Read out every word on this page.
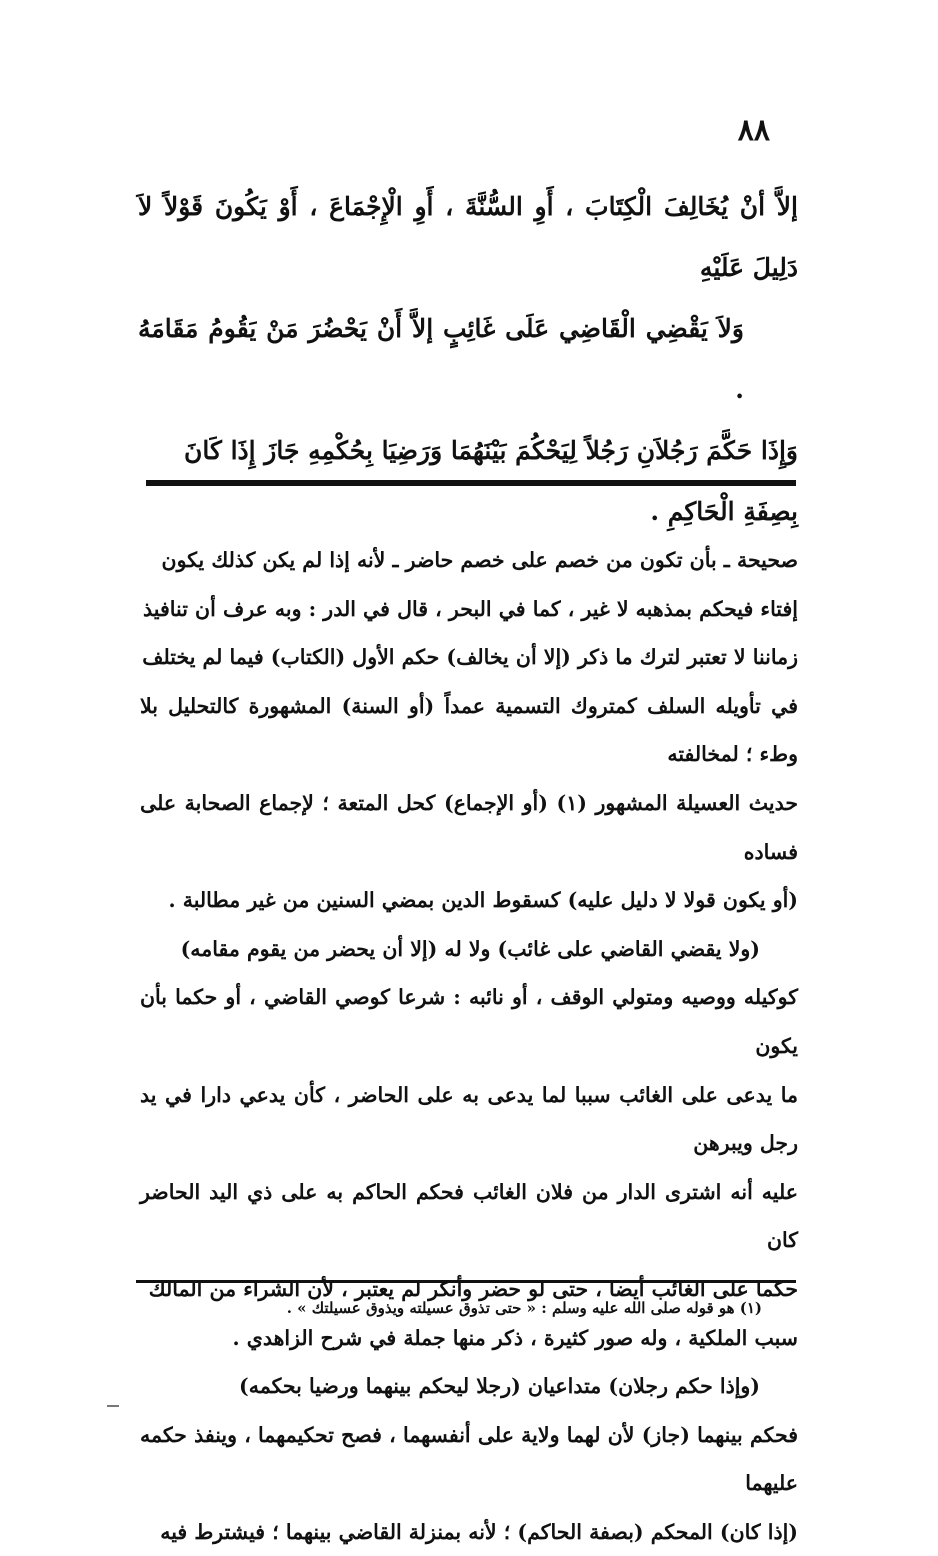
٨٨

إلاَّ أنْ يُخَالِفَ الْكِتَابَ ، أَوِ السُّنَّةَ ، أَوِ الْإِجْمَاعَ ، أَوْ يَكُونَ قَوْلاً لاَ دَلِيلَ عَلَيْهِ

وَلاَ يَقْضِي الْقَاضِي عَلَى غَائِبٍ إلاَّ أَنْ يَحْضُرَ مَنْ يَقُومُ مَقَامَهُ .

وَإِذَا حَكَّمَ رَجُلاَنِ رَجُلاً لِيَحْكُمَ بَيْنَهُمَا وَرَضِيَا بِحُكْمِهِ جَازَ إِذَا كَانَ

بِصِفَةِ الْحَاكِمِ .

صحيحة ـ بأن تكون من خصم على خصم حاضر ـ لأنه إذا لم يكن كذلك يكون

إفتاء فيحكم بمذهبه لا غير ، كما في البحر ، قال في الدر : وبه عرف أن تنافيذ

زماننا لا تعتبر لترك ما ذكر (إلا أن يخالف) حكم الأول (الكتاب) فيما لم يختلف

في تأويله السلف كمتروك التسمية عمداً (أو السنة) المشهورة كالتحليل بلا وطء ؛ لمخالفته

حديث العسيلة المشهور (١) (أو الإجماع) كحل المتعة ؛ لإجماع الصحابة على فساده

(أو يكون قولا لا دليل عليه) كسقوط الدين بمضي السنين من غير مطالبة .

(ولا يقضي القاضي على غائب) ولا له (إلا أن يحضر من يقوم مقامه)

كوكيله ووصيه ومتولي الوقف ، أو نائبه : شرعا كوصي القاضي ، أو حكما بأن يكون

ما يدعى على الغائب سببا لما يدعى به على الحاضر ، كأن يدعي دارا في يد رجل ويبرهن

عليه أنه اشترى الدار من فلان الغائب فحكم الحاكم به على ذي اليد الحاضر كان

حكما على الغائب أيضا ، حتى لو حضر وأنكر لم يعتبر ، لأن الشراء من المالك

سبب الملكية ، وله صور كثيرة ، ذكر منها جملة في شرح الزاهدي .

(وإذا حكم رجلان) متداعيان (رجلا ليحكم بينهما ورضيا بحكمه)

فحكم بينهما (جاز) لأن لهما ولاية على أنفسهما ، فصح تحكيمهما ، وينفذ حكمه عليهما

(إذا كان) المحكم (بصفة الحاكم) ؛ لأنه بمنزلة القاضي بينهما ؛ فيشترط فيه

(١) هو قوله صلى الله عليه وسلم : « حتى تذوق عسيلته ويذوق عسيلتك » .
